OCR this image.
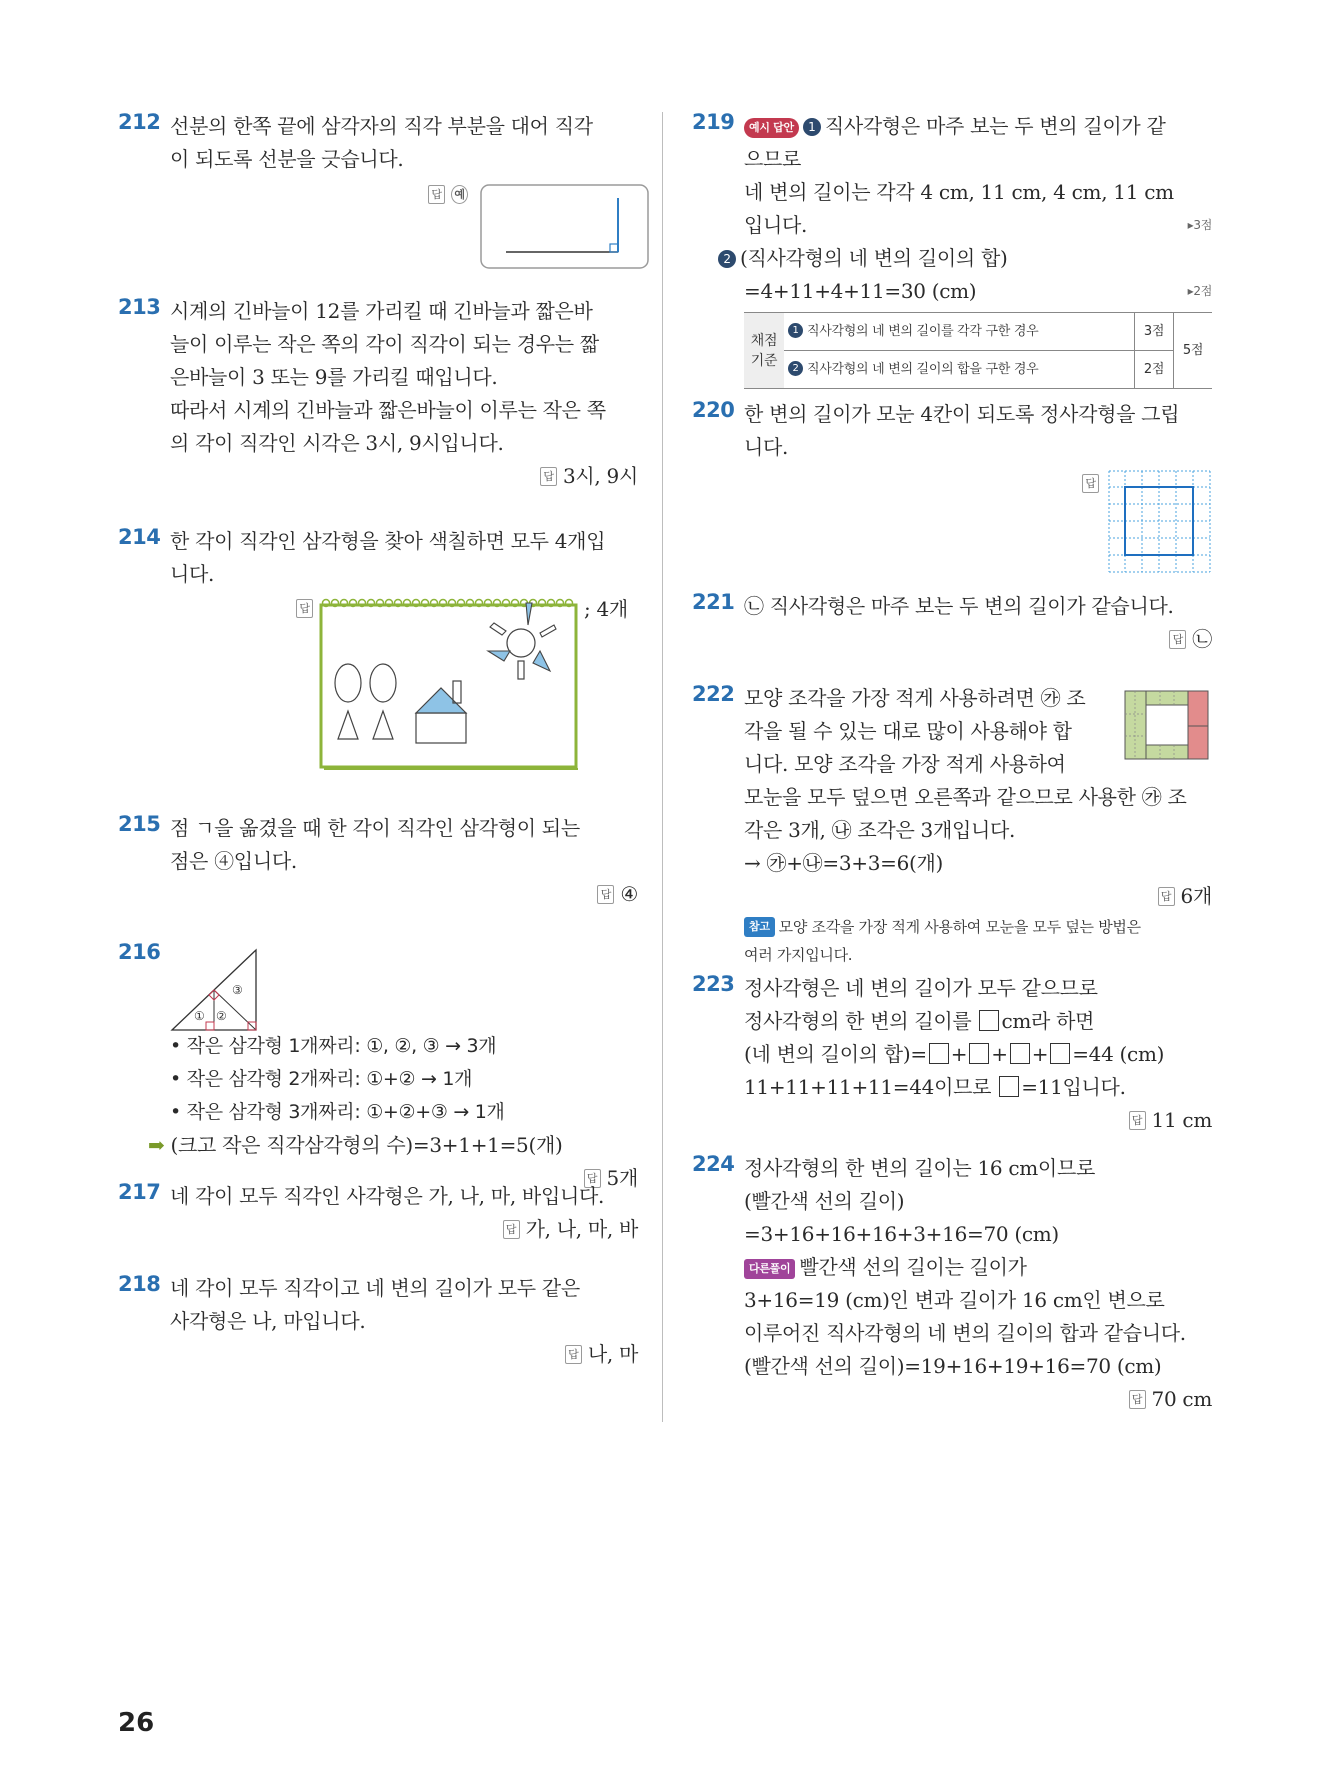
212 선분의 한쪽 끝에 삼각자의 직각 부분을 대어 직각

이 되도록 선분을 긋습니다.

답 예
213 시계의 긴바늘이 12를 가리킬 때 긴바늘과 짧은바

늘이 이루는 작은 쪽의 각이 직각이 되는 경우는 짧

은바늘이 3 또는 9를 가리킬 때입니다.

따라서 시계의 긴바늘과 짧은바늘이 이루는 작은 쪽

의 각이 직각인 시각은 3시, 9시입니다.

답 3시, 9시
214 한 각이 직각인 삼각형을 찾아 색칠하면 모두 4개입

니다.

답	; 4개
215 점 ㄱ을 옮겼을 때 한 각이 직각인 삼각형이 되는

점은 ④입니다.

답 ④
216
① ②
③

• 작은 삼각형 1개짜리: ①, ②, ③ → 3개

• 작은 삼각형 2개짜리: ①+② → 1개

• 작은 삼각형 3개짜리: ①+②+③ → 1개

➡ (크고 작은 직각삼각형의 수)=3+1+1=5(개)

답 5개
217 네 각이 모두 직각인 사각형은 가, 나, 마, 바입니다.

답 가, 나, 마, 바
218 네 각이 모두 직각이고 네 변의 길이가 모두 같은

사각형은 나, 마입니다.

답 나, 마
219	예시 답안 1 직사각형은 마주 보는 두 변의 길이가 같

으므로

네 변의 길이는 각각 4 cm, 11 cm, 4 cm, 11 cm

입니다.	▸3점

2 (직사각형의 네 변의 길이의 합)

=4+11+4+11=30 (cm)	▸2점

채점
기준	1 직사각형의 네 변의 길이를 각각 구한 경우	3점	5점
	2 직사각형의 네 변의 길이의 합을 구한 경우	2점	
220 한 변의 길이가 모눈 4칸이 되도록 정사각형을 그립

니다.

답
221 ㉡ 직사각형은 마주 보는 두 변의 길이가 같습니다.

답 ㉡
222 모양 조각을 가장 적게 사용하려면 ㉮ 조

각을 될 수 있는 대로 많이 사용해야 합

니다. 모양 조각을 가장 적게 사용하여

모눈을 모두 덮으면 오른쪽과 같으므로 사용한 ㉮ 조

각은 3개, ㉯ 조각은 3개입니다.

→ ㉮+㉯=3+3=6(개)

답 6개
참고 모양 조각을 가장 적게 사용하여 모눈을 모두 덮는 방법은
여러 가지입니다.
223 정사각형은 네 변의 길이가 모두 같으므로

정사각형의 한 변의 길이를 cm라 하면

(네 변의 길이의 합)= + + + =44 (cm)

11+11+11+11=44이므로 =11입니다.

답 11 cm
224 정사각형의 한 변의 길이는 16 cm이므로

(빨간색 선의 길이)

=3+16+16+16+3+16=70 (cm)

다른풀이 빨간색 선의 길이는 길이가

3+16=19 (cm)인 변과 길이가 16 cm인 변으로

이루어진 직사각형의 네 변의 길이의 합과 같습니다.

(빨간색 선의 길이)=19+16+19+16=70 (cm)

답 70 cm
26
